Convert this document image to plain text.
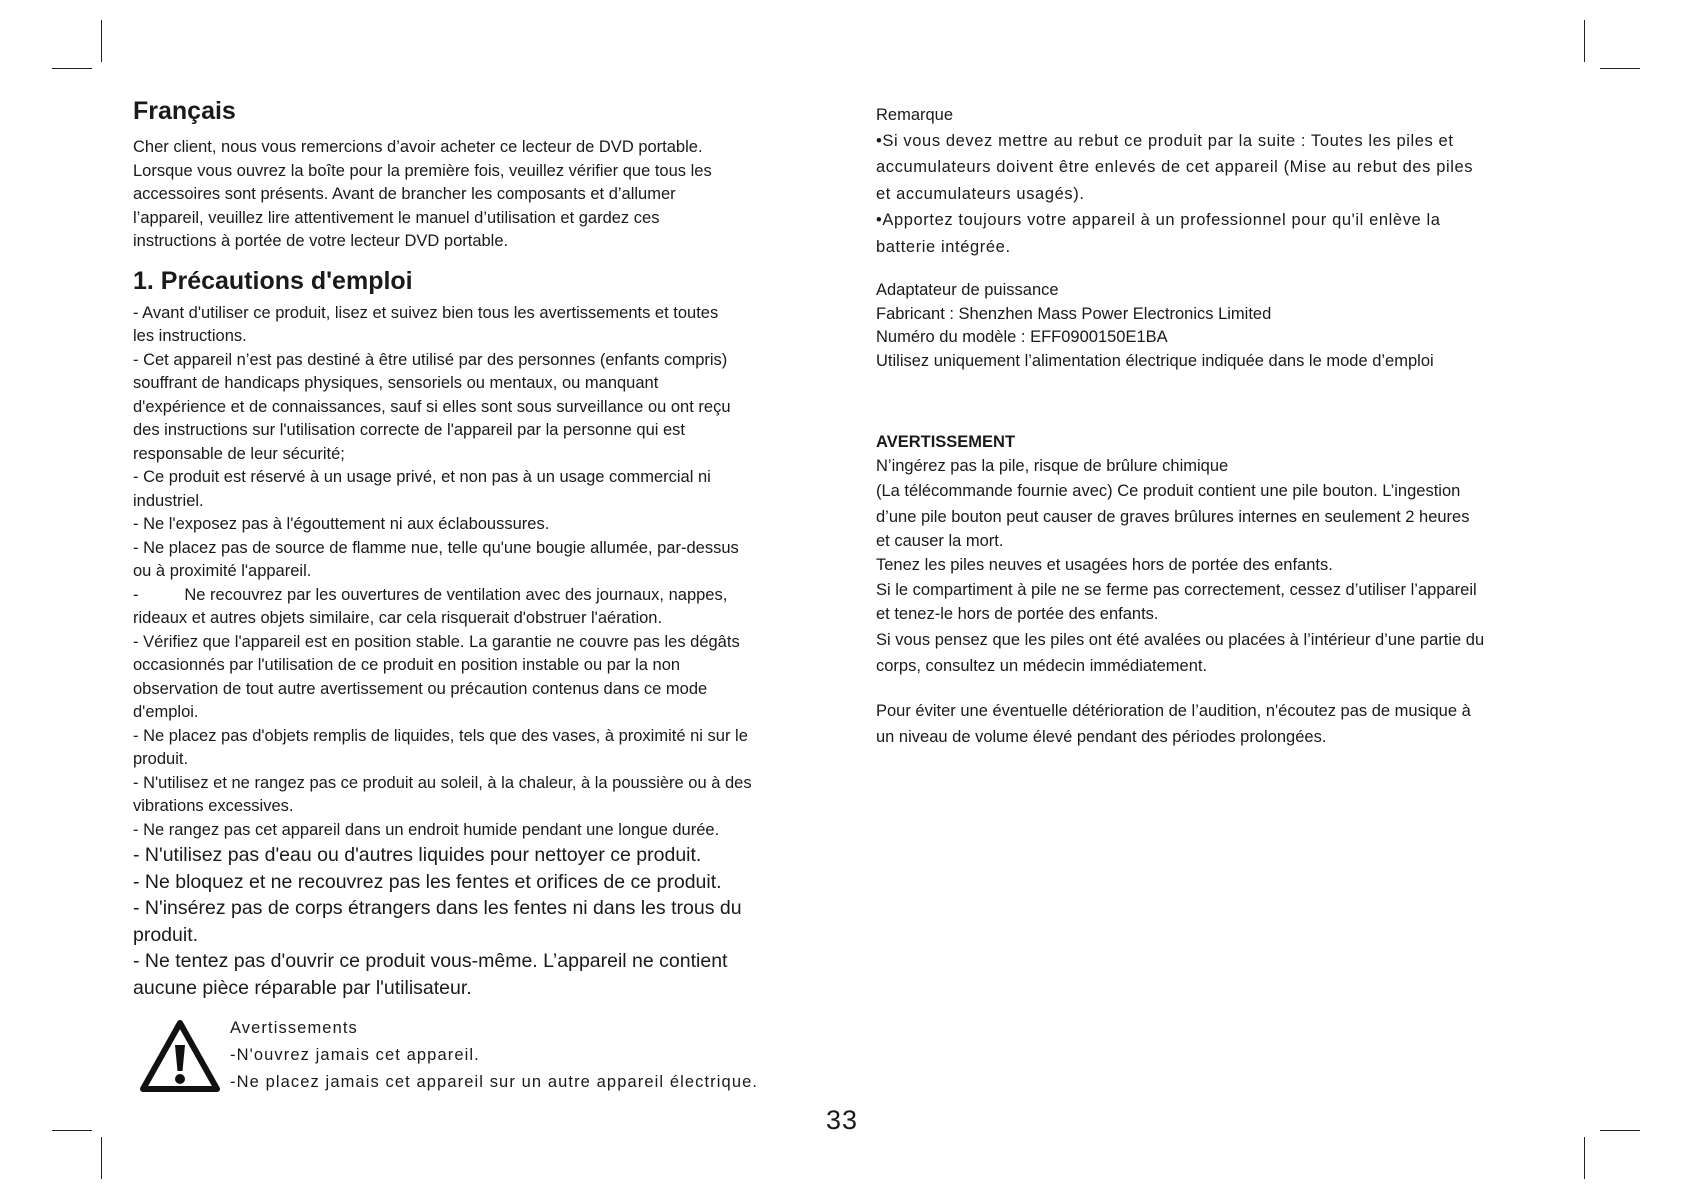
Français

Cher client, nous vous remercions d’avoir acheter ce lecteur de DVD portable.

Lorsque vous ouvrez la boîte pour la première fois, veuillez vérifier que tous les

accessoires sont présents. Avant de brancher les composants et d’allumer

l’appareil, veuillez lire attentivement le manuel d’utilisation et gardez ces

instructions à portée de votre lecteur DVD portable.

1. Précautions d'emploi

- Avant d'utiliser ce produit, lisez et suivez bien tous les avertissements et toutes

les instructions.

- Cet appareil n’est pas destiné à être utilisé par des personnes (enfants compris)

souffrant de handicaps physiques, sensoriels ou mentaux, ou manquant

d'expérience et de connaissances, sauf si elles sont sous surveillance ou ont reçu

des instructions sur l'utilisation correcte de l'appareil par la personne qui est

responsable de leur sécurité;

- Ce produit est réservé à un usage privé, et non pas à un usage commercial ni

industriel.

- Ne l'exposez pas à l'égouttement ni aux éclaboussures.

- Ne placez pas de source de flamme nue, telle qu'une bougie allumée, par-dessus

ou à proximité l'appareil.

-          Ne recouvrez par les ouvertures de ventilation avec des journaux, nappes,

rideaux et autres objets similaire, car cela risquerait d'obstruer l'aération.

- Vérifiez que l'appareil est en position stable. La garantie ne couvre pas les dégâts

occasionnés par l'utilisation de ce produit en position instable ou par la non

observation de tout autre avertissement ou précaution contenus dans ce mode

d'emploi.

- Ne placez pas d'objets remplis de liquides, tels que des vases, à proximité ni sur le

produit.

- N'utilisez et ne rangez pas ce produit au soleil, à la chaleur, à la poussière ou à des

vibrations excessives.

- Ne rangez pas cet appareil dans un endroit humide pendant une longue durée.

- N'utilisez pas d'eau ou d'autres liquides pour nettoyer ce produit.

- Ne bloquez et ne recouvrez pas les fentes et orifices de ce produit.

- N'insérez pas de corps étrangers dans les fentes ni dans les trous du

produit.

- Ne tentez pas d'ouvrir ce produit vous-même. L’appareil ne contient

aucune pièce réparable par l'utilisateur.

Avertissements

-N'ouvrez jamais cet appareil.

-Ne placez jamais cet appareil sur un autre appareil électrique.

Remarque

•Si vous devez mettre au rebut ce produit par la suite : Toutes les piles et

accumulateurs doivent être enlevés de cet appareil (Mise au rebut des piles

et accumulateurs usagés).

•Apportez toujours votre appareil à un professionnel pour qu'il enlève la

batterie intégrée.

Adaptateur de puissance

Fabricant : Shenzhen Mass Power Electronics Limited

Numéro du modèle : EFF0900150E1BA

Utilisez uniquement l’alimentation électrique indiquée dans le mode d’emploi

AVERTISSEMENT

N’ingérez pas la pile, risque de brûlure chimique

(La télécommande fournie avec) Ce produit contient une pile bouton. L’ingestion

d’une pile bouton peut causer de graves brûlures internes en seulement 2 heures

et causer la mort.

Tenez les piles neuves et usagées hors de portée des enfants.

Si le compartiment à pile ne se ferme pas correctement, cessez d’utiliser l’appareil

et tenez-le hors de portée des enfants.

Si vous pensez que les piles ont été avalées ou placées à l’intérieur d’une partie du

corps, consultez un médecin immédiatement.

Pour éviter une éventuelle détérioration de l’audition, n'écoutez pas de musique à

un niveau de volume élevé pendant des périodes prolongées.

33
